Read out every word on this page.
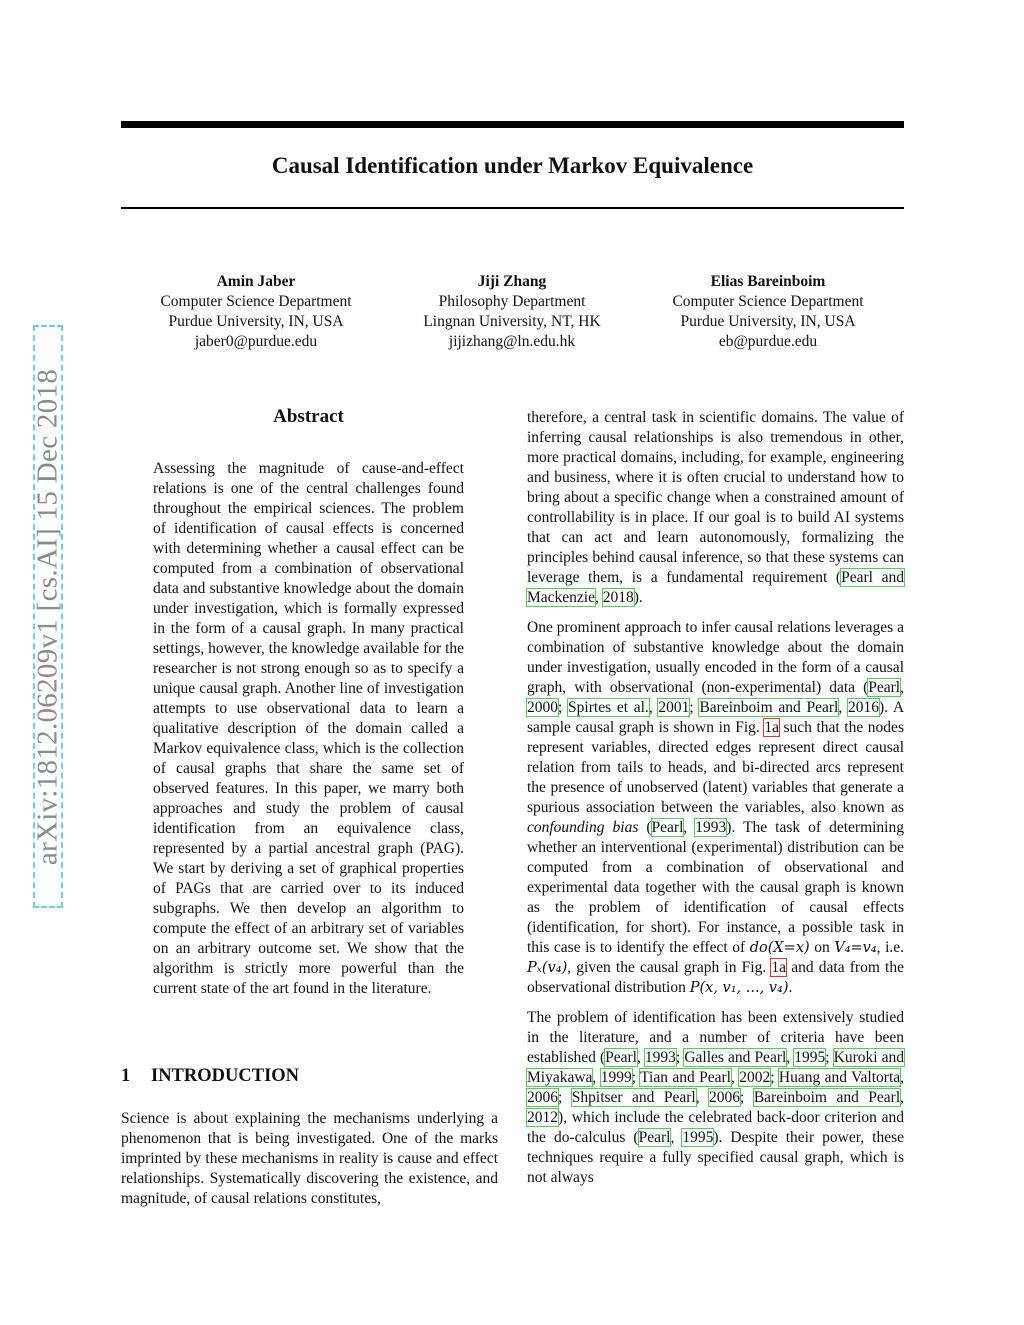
arXiv:1812.06209v1 [cs.AI] 15 Dec 2018
Causal Identification under Markov Equivalence
Amin Jaber
Computer Science Department
Purdue University, IN, USA
jaber0@purdue.edu
Jiji Zhang
Philosophy Department
Lingnan University, NT, HK
jijizhang@ln.edu.hk
Elias Bareinboim
Computer Science Department
Purdue University, IN, USA
eb@purdue.edu
Abstract

Assessing the magnitude of cause-and-effect relations is one of the central challenges found throughout the empirical sciences. The problem of identification of causal effects is concerned with determining whether a causal effect can be computed from a combination of observational data and substantive knowledge about the domain under investigation, which is formally expressed in the form of a causal graph. In many practical settings, however, the knowledge available for the researcher is not strong enough so as to specify a unique causal graph. Another line of investigation attempts to use observational data to learn a qualitative description of the domain called a Markov equivalence class, which is the collection of causal graphs that share the same set of observed features. In this paper, we marry both approaches and study the problem of causal identification from an equivalence class, represented by a partial ancestral graph (PAG). We start by deriving a set of graphical properties of PAGs that are carried over to its induced subgraphs. We then develop an algorithm to compute the effect of an arbitrary set of variables on an arbitrary outcome set. We show that the algorithm is strictly more powerful than the current state of the art found in the literature.

1 INTRODUCTION

Science is about explaining the mechanisms underlying a phenomenon that is being investigated. One of the marks imprinted by these mechanisms in reality is cause and effect relationships. Systematically discovering the existence, and magnitude, of causal relations constitutes,

therefore, a central task in scientific domains. The value of inferring causal relationships is also tremendous in other, more practical domains, including, for example, engineering and business, where it is often crucial to understand how to bring about a specific change when a constrained amount of controllability is in place. If our goal is to build AI systems that can act and learn autonomously, formalizing the principles behind causal inference, so that these systems can leverage them, is a fundamental requirement (Pearl and Mackenzie, 2018).

One prominent approach to infer causal relations leverages a combination of substantive knowledge about the domain under investigation, usually encoded in the form of a causal graph, with observational (non-experimental) data (Pearl, 2000; Spirtes et al., 2001; Bareinboim and Pearl, 2016). A sample causal graph is shown in Fig. 1a such that the nodes represent variables, directed edges represent direct causal relation from tails to heads, and bi-directed arcs represent the presence of unobserved (latent) variables that generate a spurious association between the variables, also known as confounding bias (Pearl, 1993). The task of determining whether an interventional (experimental) distribution can be computed from a combination of observational and experimental data together with the causal graph is known as the problem of identification of causal effects (identification, for short). For instance, a possible task in this case is to identify the effect of do(X=x) on V₄=v₄, i.e. Pₓ(v₄), given the causal graph in Fig. 1a and data from the observational distribution P(x, v₁, ..., v₄).

The problem of identification has been extensively studied in the literature, and a number of criteria have been established (Pearl, 1993; Galles and Pearl, 1995; Kuroki and Miyakawa, 1999; Tian and Pearl, 2002; Huang and Valtorta, 2006; Shpitser and Pearl, 2006; Bareinboim and Pearl, 2012), which include the celebrated back-door criterion and the do-calculus (Pearl, 1995). Despite their power, these techniques require a fully specified causal graph, which is not always
